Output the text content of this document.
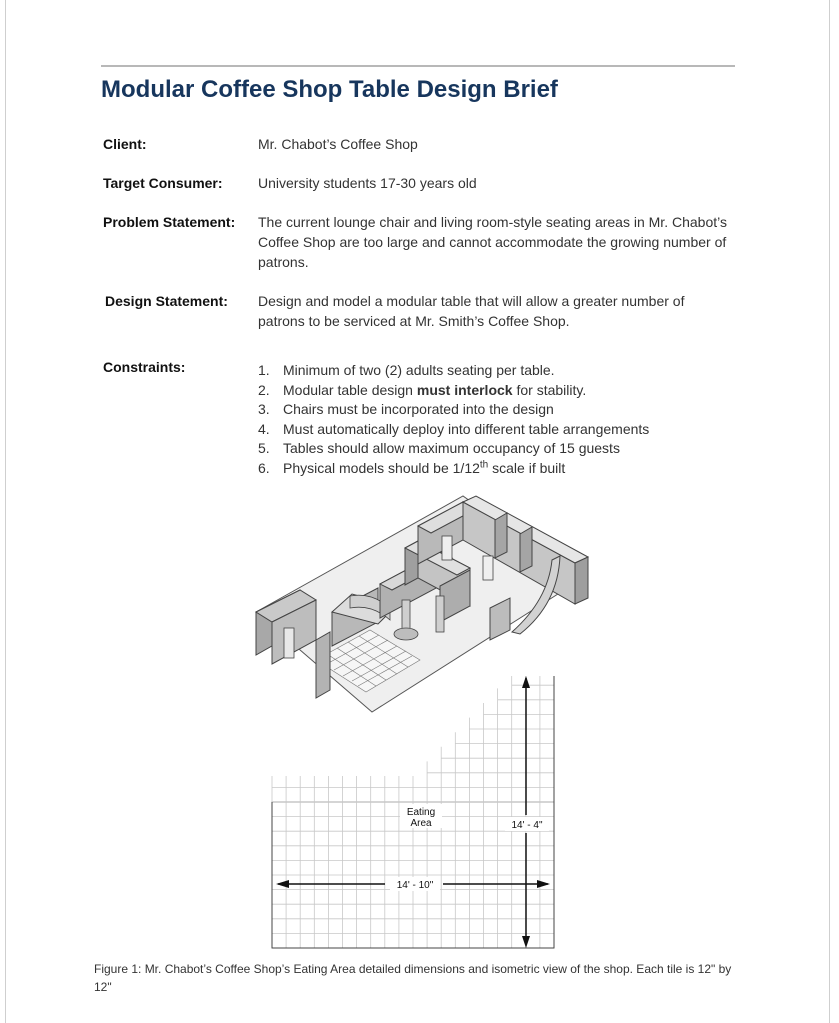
Modular Coffee Shop Table Design Brief
Client:	Mr. Chabot’s Coffee Shop
Target Consumer:	University students 17-30 years old
Problem Statement: The current lounge chair and living room-style seating areas in Mr. Chabot’s Coffee Shop are too large and cannot accommodate the growing number of patrons.
Design Statement: Design and model a modular table that will allow a greater number of patrons to be serviced at Mr. Smith’s Coffee Shop.
Constraints:	1. Minimum of two (2) adults seating per table.
2. Modular table design must interlock for stability.
3. Chairs must be incorporated into the design
4. Must automatically deploy into different table arrangements
5. Tables should allow maximum occupancy of 15 guests
6. Physical models should be 1/12th scale if built
Eating
Area	14' - 4"
14' - 10"
Figure 1: Mr. Chabot’s Coffee Shop’s Eating Area detailed dimensions and isometric view of the shop. Each tile is 12" by 12"
